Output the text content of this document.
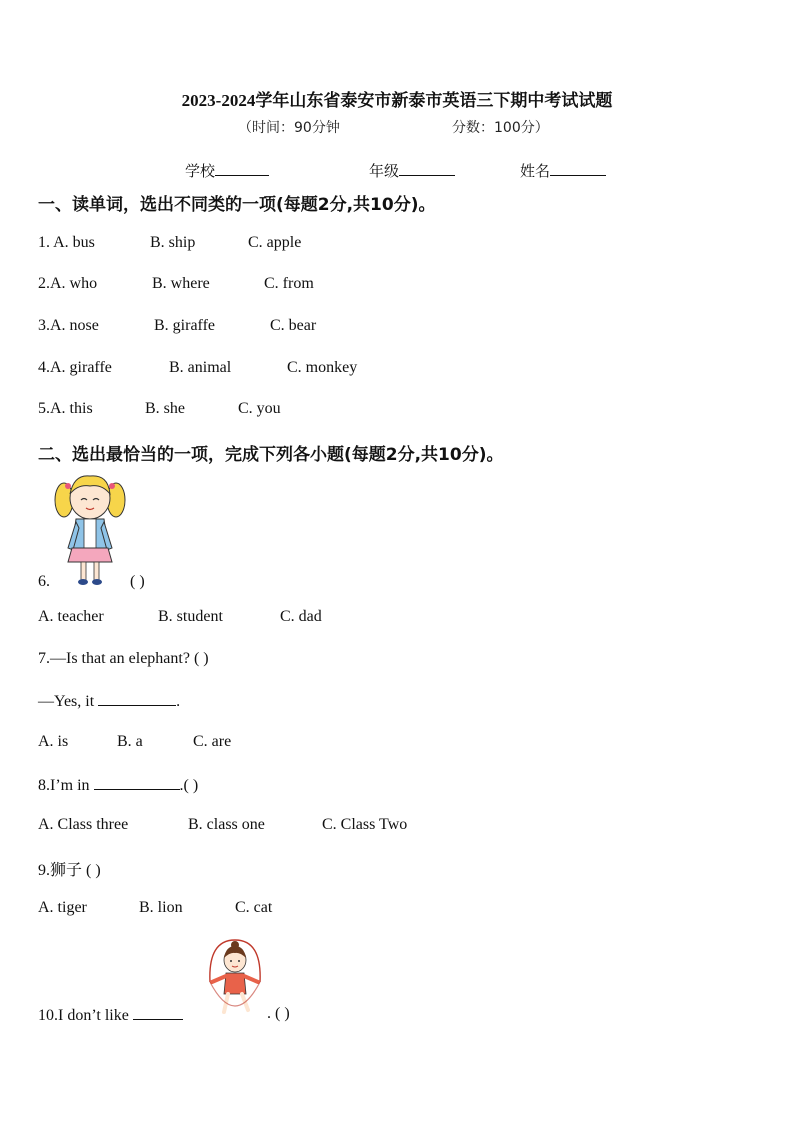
2023-2024学年山东省泰安市新泰市英语三下期中考试试题
（时间：90分钟	分数：100分）
学校	年级	姓名
一、读单词，选出不同类的一项(每题2分,共10分)。
1. A. bus	B. ship	C. apple
2.A. who	B. where	C. from
3.A. nose	B. giraffe	C. bear
4.A. giraffe	B. animal	C. monkey
5.A. this	B. she	C. you
二、选出最恰当的一项，完成下列各小题(每题2分,共10分)。
6.	( )
A. teacher	B. student	C. dad
7.—Is that an elephant? ( )
—Yes, it	.
A. is	B. a	C. are
8.I’m in	.( )
A. Class three	B. class one	C. Class Two
9.狮子 ( )
A. tiger	B. lion	C. cat
10.I don’t like	. ( )
